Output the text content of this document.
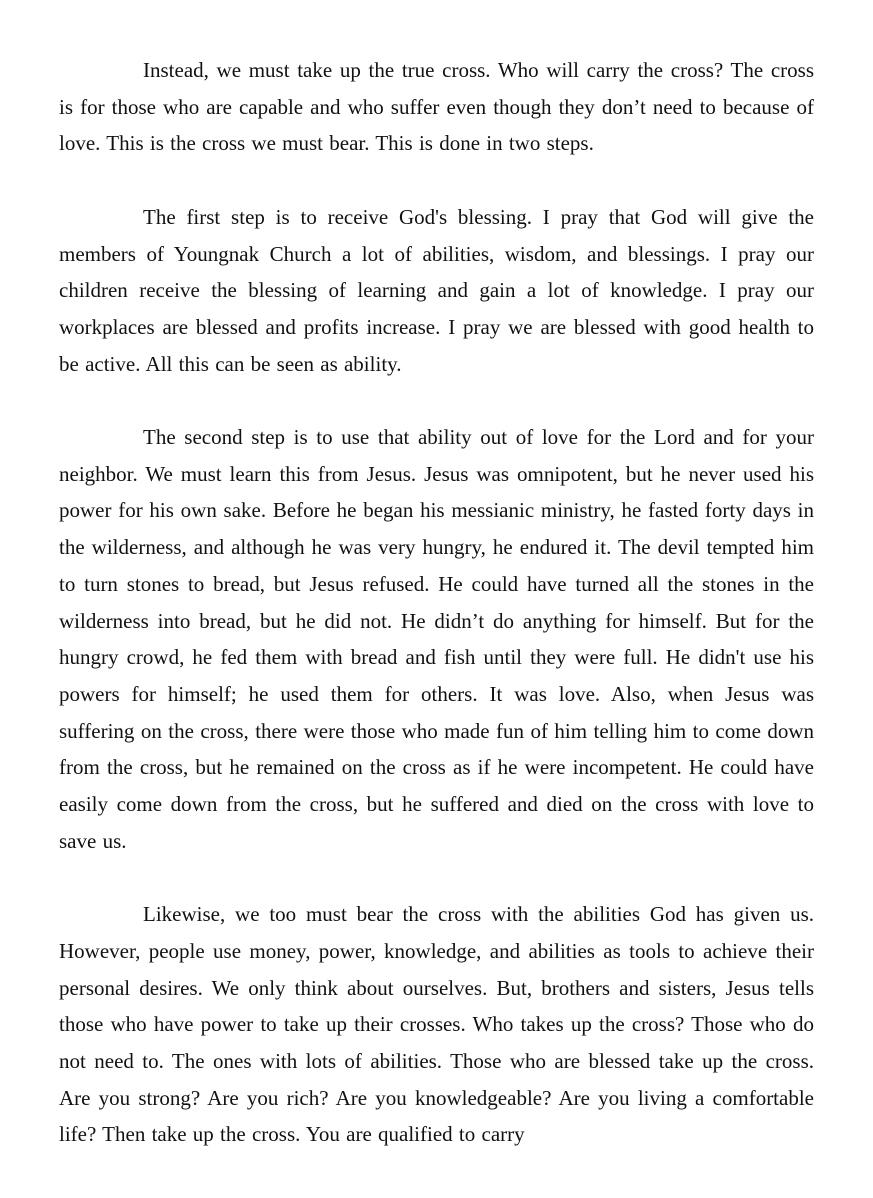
Instead, we must take up the true cross. Who will carry the cross? The cross is for those who are capable and who suffer even though they don’t need to because of love. This is the cross we must bear. This is done in two steps.

The first step is to receive God's blessing. I pray that God will give the members of Youngnak Church a lot of abilities, wisdom, and blessings. I pray our children receive the blessing of learning and gain a lot of knowledge. I pray our workplaces are blessed and profits increase. I pray we are blessed with good health to be active. All this can be seen as ability.

The second step is to use that ability out of love for the Lord and for your neighbor. We must learn this from Jesus. Jesus was omnipotent, but he never used his power for his own sake. Before he began his messianic ministry, he fasted forty days in the wilderness, and although he was very hungry, he endured it. The devil tempted him to turn stones to bread, but Jesus refused. He could have turned all the stones in the wilderness into bread, but he did not. He didn’t do anything for himself. But for the hungry crowd, he fed them with bread and fish until they were full. He didn't use his powers for himself; he used them for others. It was love. Also, when Jesus was suffering on the cross, there were those who made fun of him telling him to come down from the cross, but he remained on the cross as if he were incompetent. He could have easily come down from the cross, but he suffered and died on the cross with love to save us.

Likewise, we too must bear the cross with the abilities God has given us. However, people use money, power, knowledge, and abilities as tools to achieve their personal desires. We only think about ourselves. But, brothers and sisters, Jesus tells those who have power to take up their crosses. Who takes up the cross? Those who do not need to. The ones with lots of abilities. Those who are blessed take up the cross. Are you strong? Are you rich? Are you knowledgeable? Are you living a comfortable life? Then take up the cross. You are qualified to carry
